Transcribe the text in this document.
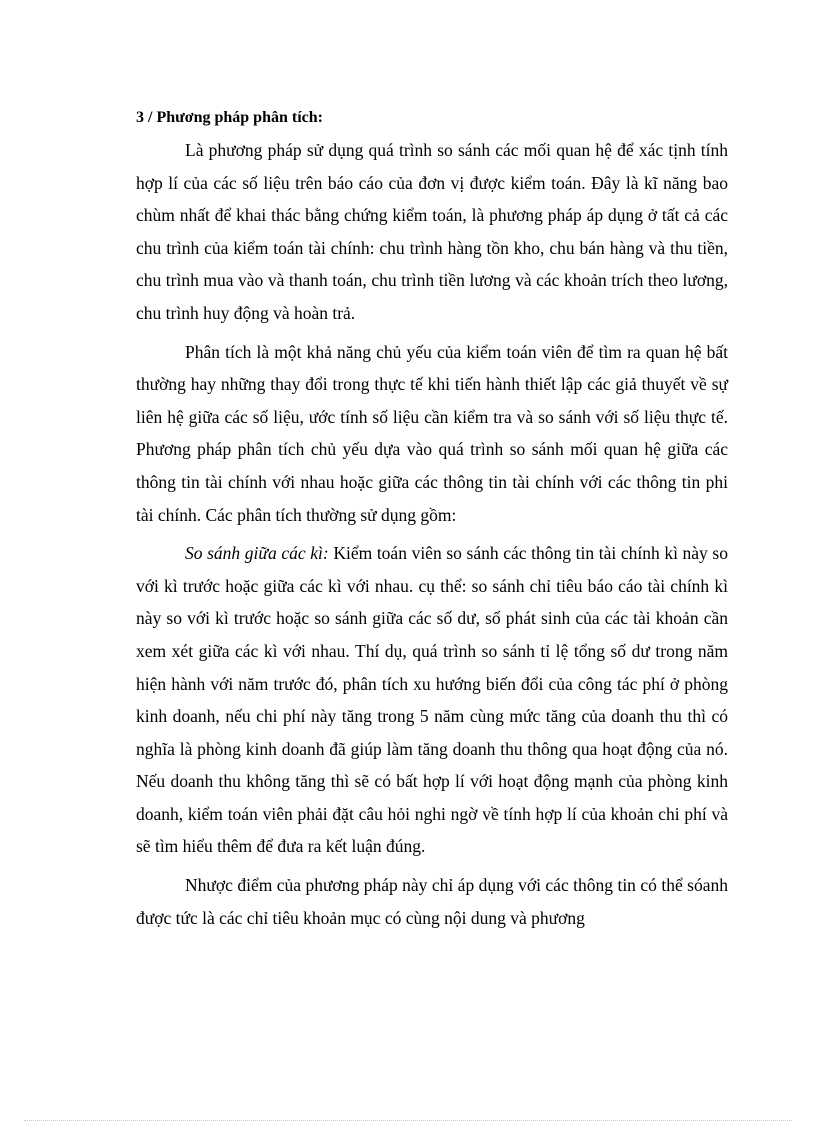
3 / Phương pháp phân tích:

Là phương pháp sử dụng quá trình so sánh các mối quan hệ để xác tịnh tính hợp lí của các số liệu trên báo cáo của đơn vị được kiểm toán. Đây là kĩ năng bao chùm nhất để khai thác bằng chứng kiểm toán, là phương pháp áp dụng ở tất cả các chu trình của kiểm toán tài chính: chu trình hàng tồn kho, chu bán hàng và thu tiền, chu trình mua vào và thanh toán, chu trình tiền lương và các khoản trích theo lương, chu trình huy động và hoàn trả.

Phân tích là một khả năng chủ yếu của kiểm toán viên để tìm ra quan hệ bất thường hay những thay đổi trong thực tế khi tiến hành thiết lập các giả thuyết về sự liên hệ giữa các số liệu, ước tính số liệu cần kiểm tra và so sánh với số liệu thực tế. Phương pháp phân tích chủ yếu dựa vào quá trình so sánh mối quan hệ giữa các thông tin tài chính với nhau hoặc giữa các thông tin tài chính với các thông tin phi tài chính. Các phân tích thường sử dụng gồm:

So sánh giữa các kì: Kiểm toán viên so sánh các thông tin tài chính kì này so với kì trước hoặc giữa các kì với nhau. cụ thể: so sánh chỉ tiêu báo cáo tài chính kì này so với kì trước hoặc so sánh giữa các số dư, số phát sinh của các tài khoản cần xem xét giữa các kì với nhau. Thí dụ, quá trình so sánh tỉ lệ tổng số dư trong năm hiện hành với năm trước đó, phân tích xu hướng biến đổi của công tác phí ở phòng kinh doanh, nếu chi phí này tăng trong 5 năm cùng mức tăng của doanh thu thì có nghĩa là phòng kinh doanh đã giúp làm tăng doanh thu thông qua hoạt động của nó. Nếu doanh thu không tăng thì sẽ có bất hợp lí với hoạt động mạnh của phòng kinh doanh, kiểm toán viên phải đặt câu hỏi nghi ngờ về tính hợp lí của khoản chi phí và sẽ tìm hiểu thêm để đưa ra kết luận đúng.

Nhược điểm của phương pháp này chỉ áp dụng với các thông tin có thể sóanh được tức là các chỉ tiêu khoản mục có cùng nội dung và phương
